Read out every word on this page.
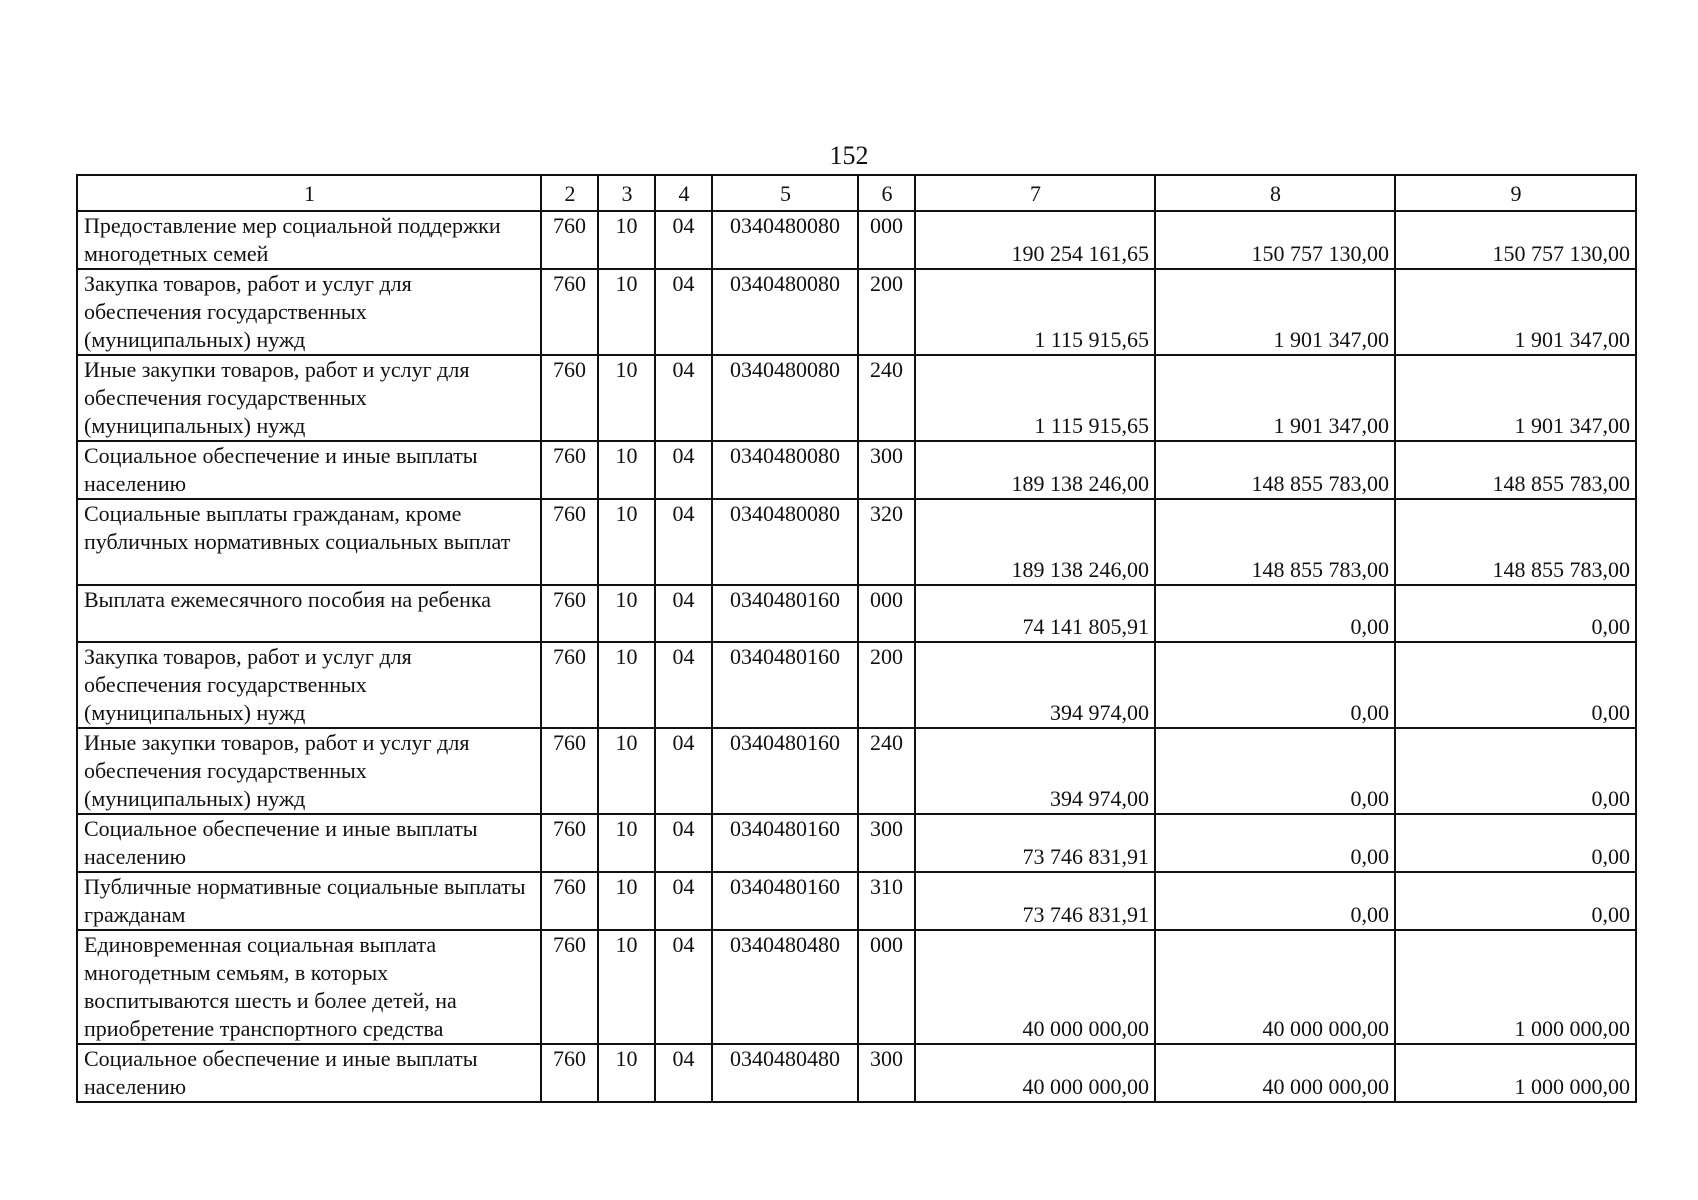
152
1	2	3	4	5	6	7	8	9
Предоставление мер социальной поддержки многодетных семей	760	10	04	0340480080	000	190 254 161,65	150 757 130,00	150 757 130,00
Закупка товаров, работ и услуг для обеспечения государственных (муниципальных) нужд	760	10	04	0340480080	200	1 115 915,65	1 901 347,00	1 901 347,00
Иные закупки товаров, работ и услуг для обеспечения государственных (муниципальных) нужд	760	10	04	0340480080	240	1 115 915,65	1 901 347,00	1 901 347,00
Социальное обеспечение и иные выплаты населению	760	10	04	0340480080	300	189 138 246,00	148 855 783,00	148 855 783,00
Социальные выплаты гражданам, кроме публичных нормативных социальных выплат	760	10	04	0340480080	320	189 138 246,00	148 855 783,00	148 855 783,00
Выплата ежемесячного пособия на ребенка	760	10	04	0340480160	000	74 141 805,91	0,00	0,00
Закупка товаров, работ и услуг для обеспечения государственных (муниципальных) нужд	760	10	04	0340480160	200	394 974,00	0,00	0,00
Иные закупки товаров, работ и услуг для обеспечения государственных (муниципальных) нужд	760	10	04	0340480160	240	394 974,00	0,00	0,00
Социальное обеспечение и иные выплаты населению	760	10	04	0340480160	300	73 746 831,91	0,00	0,00
Публичные нормативные социальные выплаты гражданам	760	10	04	0340480160	310	73 746 831,91	0,00	0,00
Единовременная социальная выплата многодетным семьям, в которых воспитываются шесть и более детей, на приобретение транспортного средства	760	10	04	0340480480	000	40 000 000,00	40 000 000,00	1 000 000,00
Социальное обеспечение и иные выплаты населению	760	10	04	0340480480	300	40 000 000,00	40 000 000,00	1 000 000,00
